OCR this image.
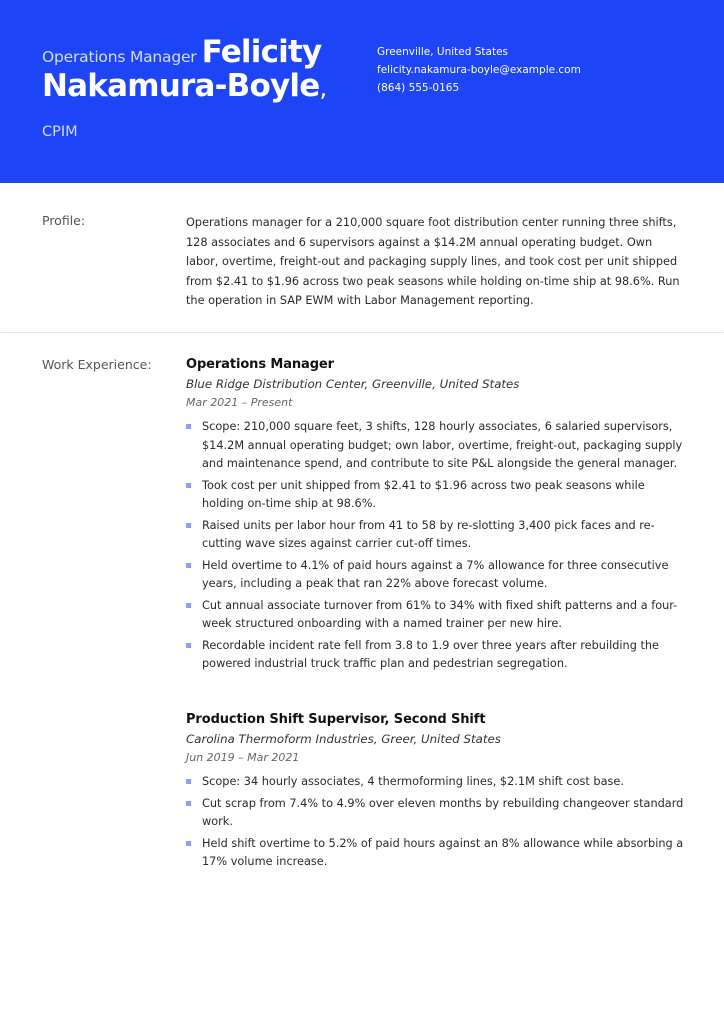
Operations Manager Felicity
Nakamura-Boyle,
CPIM
Greenville, United States
felicity.nakamura-boyle@example.com
(864) 555-0165
Profile:	Operations manager for a 210,000 square foot distribution center running three shifts, 128 associates and 6 supervisors against a $14.2M annual operating budget. Own labor, overtime, freight-out and packaging supply lines, and took cost per unit shipped from $2.41 to $1.96 across two peak seasons while holding on-time ship at 98.6%. Run the operation in SAP EWM with Labor Management reporting.
Work Experience:	Operations Manager
Blue Ridge Distribution Center, Greenville, United States
Mar 2021 – Present
Scope: 210,000 square feet, 3 shifts, 128 hourly associates, 6 salaried supervisors, $14.2M annual operating budget; own labor, overtime, freight-out, packaging supply and maintenance spend, and contribute to site P&L alongside the general manager.
Took cost per unit shipped from $2.41 to $1.96 across two peak seasons while holding on-time ship at 98.6%.
Raised units per labor hour from 41 to 58 by re-slotting 3,400 pick faces and re-cutting wave sizes against carrier cut-off times.
Held overtime to 4.1% of paid hours against a 7% allowance for three consecutive years, including a peak that ran 22% above forecast volume.
Cut annual associate turnover from 61% to 34% with fixed shift patterns and a four-week structured onboarding with a named trainer per new hire.
Recordable incident rate fell from 3.8 to 1.9 over three years after rebuilding the powered industrial truck traffic plan and pedestrian segregation.
Production Shift Supervisor, Second Shift
Carolina Thermoform Industries, Greer, United States
Jun 2019 – Mar 2021
Scope: 34 hourly associates, 4 thermoforming lines, $2.1M shift cost base.
Cut scrap from 7.4% to 4.9% over eleven months by rebuilding changeover standard work.
Held shift overtime to 5.2% of paid hours against an 8% allowance while absorbing a 17% volume increase.
